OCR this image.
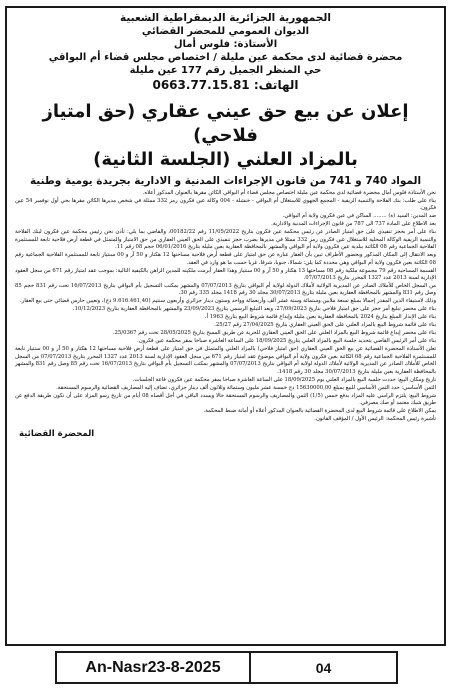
الجمهورية الجزائرية الديمقراطية الشعبية
الديوان العمومي للمحضر القضائي
الأستاذة: فلوس أمال
محضرة قضائية لدى محكمة عين مليلة / اختصاص مجلس قضاء أم البواقي
حي المنظر الجميل رقم 177 عين مليلة
الهاتف: 0663.77.15.81
إعلان عن بيع حق عيني عقاري (حق امتياز فلاحي)
بالمزاد العلني (الجلسة الثانية)
المواد 740 و 741 من قانون الإجراءات المدنية و الادارية بجريدة يومية وطنية

نحن الأستاذة فلوس أمال محضرة قضائية لدى محكمة عين مليلة اختصاص مجلس قضاء أم البواقي الكائن مقرها بالعنوان المذكور أعلاه.

بناء على طلب: بنك الفلاحة والتنمية الريفية - المجمع الجهوي للاستغلال أم البواقي - خنشلة - 004 وكالة عين فكرون رمز 332 ممثلة في شخص مديرها الكائن مقرها بحي أول نوفمبر 54 عين فكرون.

ضد المدين: السيد (ة) ........ الساكن في عين فكرون ولاية أم البواقي.

بعد الاطلاع على المادة 737 الى 787 من قانون الإجراءات المدنية والادارية.

بناء على أمر بحجز تنفيذي على حق امتياز الصادر عن رئيس محكمة عين فكرون بتاريخ 11/05/2022 رقم 00182/22، والقاضي بما يلي: تأذن نحن رئيس محكمة عين فكرون لبنك الفلاحة والتنمية الريفية الوكالة المحلية للاستغلال عين فكرون رمز 332 ممثلا في مديرها بضرب حجز تنفيذي على الحق العيني العقاري من حق الامتياز والمتمثل في قطعة أرض فلاحية تابعة للمستثمرة الفلاحية الجماعية رقم 08 الكائنة ببلدية عين فكرون ولاية أم البواقي والمشهر بالمحافظة العقارية بعين مليلة بتاريخ 06/01/2016 حجم 08 رقم 11.

وبعد الانتقال إلى المكان المذكور وبحضور الأطراف تبين بأن العقار عبارة عن حق امتياز على قطعة أرض فلاحية مساحتها 12 هكتار و 50 آر و 00 سنتيار تابعة للمستثمرة الفلاحية الجماعية رقم 08 الكائنة بعين فكرون ولاية أم البواقي وهي محددة كما يلي: شمالا، جنوبا، شرقا، غربا حسب ما هو وارد في العقد.

القسمة المساحية رقم 79 مجموعة ملكية رقم 08 مساحتها 13 هكتار و 50 آر و 00 سنتيار وهذا العقار أبرمت ملكيته للمدين الراهن بالكيفية التالية: بموجب عقد امتياز رقم 671 من سجل العقود الإدارية لسنة 2013 عدد 1327 المحرر بتاريخ 07/07/2013.

من السجل الخاص للأملاك الصادر عن المديرية الولائية لأملاك الدولة لولاية أم البواقي بتاريخ 07/07/2013 والمشهر بمكتب التسجيل بأم البواقي بتاريخ 16/07/2013 تحت رقم 831 حجم 85 وصل رقم 831 والمشهر بالمحافظة العقارية بعين مليلة بتاريخ 30/07/2013 مجلد 30 رقم 1418 مجلد 335 رقم 30.

وذلك لاستيفاء الدين المقدر إجمالا بمبلغ تسعة ملايين وستمائة وستة عشر ألف وأربعمائة وواحد وستون دينار جزائري وأربعون سنتيم (9.616.461,40 دج)، وتعيين حارس قضائي حتى بيع العقار.

بناء على محضر تبليغ أمر حجز على حق امتياز فلاحي بتاريخ 27/09/2023، وبعد التبليغ الرسمي بتاريخ 23/09/2023 والمشهر بالمحافظة العقارية بتاريخ 10/12/2023.

بناء على الإنذار المبلغ بتاريخ 2024 بالمحافظة العقارية بعين مليلة وإيداع قائمة شروط البيع بتاريخ 1963 أ.

بناء على قائمة شروط البيع بالمزاد العلني على الحق العيني العقاري بتاريخ 27/04/2025 رقم 25/27.

بناء على محضر إيداع قائمة شروط البيع بالمزاد العلني على الحق العيني العقاري للحرية عن طريق المسح بتاريخ 28/05/2025 تحت رقم 25/0367.

بناء على أمر الرئيس القاضي بتحديد جلسة البيع بالمزاد العلني بتاريخ 18/09/2025 على الساعة العاشرة صباحا بمقر محكمة عين فكرون.

تعلن الأستاذة المحضرة القضائية عن بيع الحق العيني العقاري (حق امتياز فلاحي) بالمزاد العلني والمتمثل في حق امتياز على قطعة أرض فلاحية مساحتها 12 هكتار و 50 آر و 00 سنتيار تابعة للمستثمرة الفلاحية الجماعية رقم 08 الكائنة بعين فكرون ولاية أم البواقي موضوع عقد امتياز رقم 671 من سجل العقود الإدارية لسنة 2013 عدد 1327 المحرر بتاريخ 07/07/2013 من السجل الخاص للأملاك الصادر عن المديرية الولائية لأملاك الدولة لولاية أم البواقي بتاريخ 07/07/2013 والمشهر بمكتب التسجيل بأم البواقي بتاريخ 16/07/2013 تحت رقم 85 وصل رقم 831 والمشهر بالمحافظة العقارية بعين مليلة بتاريخ 30/07/2013 مجلد 30 رقم 1418.

تاريخ ومكان البيع: حددت جلسة البيع بالمزاد العلني يوم 18/09/2025 على الساعة العاشرة صباحا بمقر محكمة عين فكرون قاعة الجلسات.

الثمن الأساسي: حدد الثمن الأساسي للبيع بمبلغ 15630000,00 دج خمسة عشر مليون وستمائة وثلاثون ألف دينار جزائري، تضاف إليه المصاريف القضائية والرسوم المستحقة.

شروط البيع: يلتزم الراسي عليه المزاد بدفع خمس (1/5) الثمن والمصاريف والرسوم المستحقة حالا ويسدد الباقي في أجل أقصاه 08 أيام من تاريخ رسو المزاد على أن تكون طريقة الدفع عن طريق شيك معتمد أو صك مصرفي.

يمكن الاطلاع على قائمة شروط البيع لدى المحضرة القضائية بالعنوان المذكور أعلاه أو أمانة ضبط المحكمة.

تأشيرة رئيس المحكمة: الرئيس الأول / المؤقف القانون.

المحضرة القضائية
An-Nasr23-8-2025	04
